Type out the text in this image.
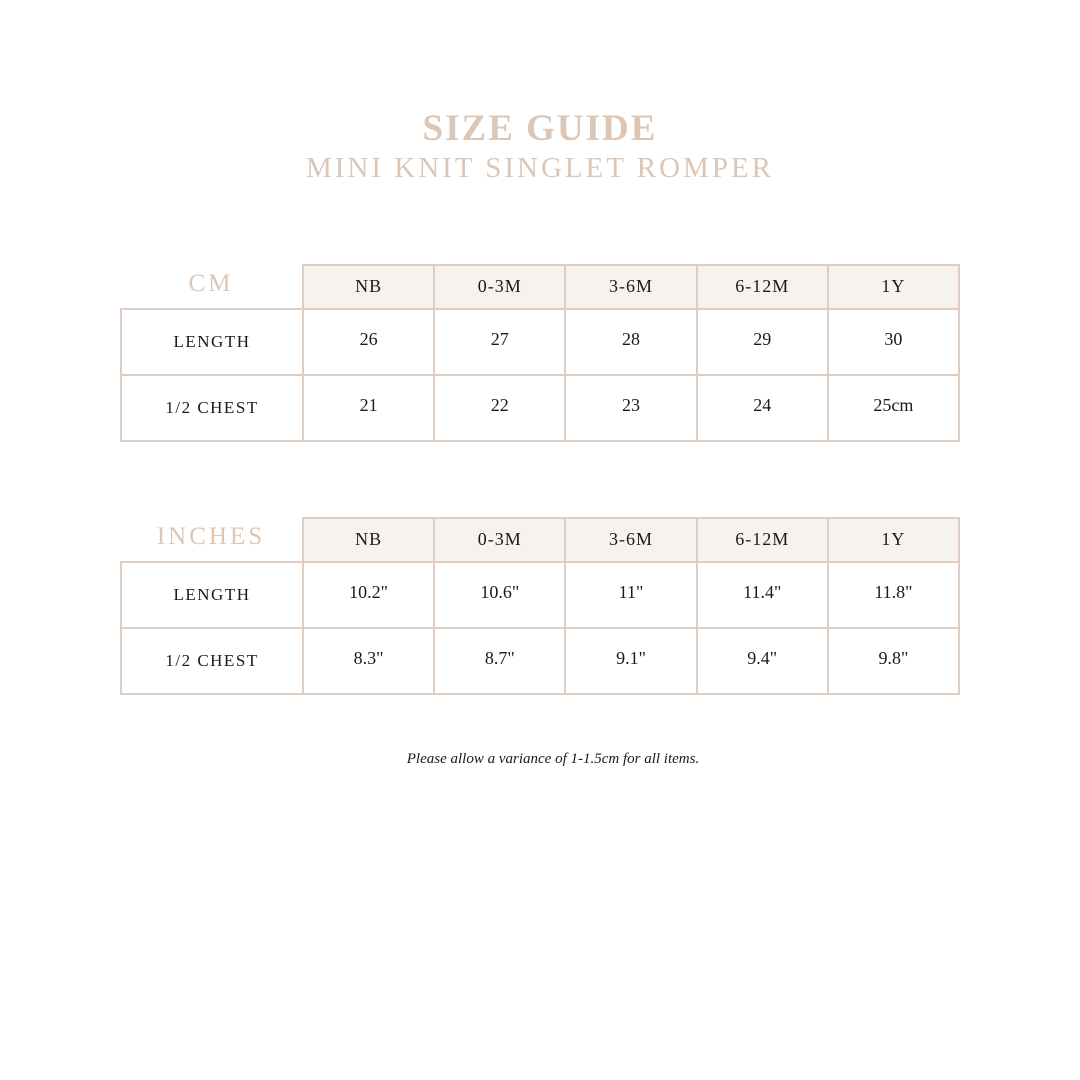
SIZE GUIDE
MINI KNIT SINGLET ROMPER
CM	NB	0-3M	3-6M	6-12M	1Y
LENGTH	26	27	28	29	30
1/2 CHEST	21	22	23	24	25cm
INCHES	NB	0-3M	3-6M	6-12M	1Y
LENGTH	10.2"	10.6"	11"	11.4"	11.8"
1/2 CHEST	8.3"	8.7"	9.1"	9.4"	9.8"
Please allow a variance of 1-1.5cm for all items.
